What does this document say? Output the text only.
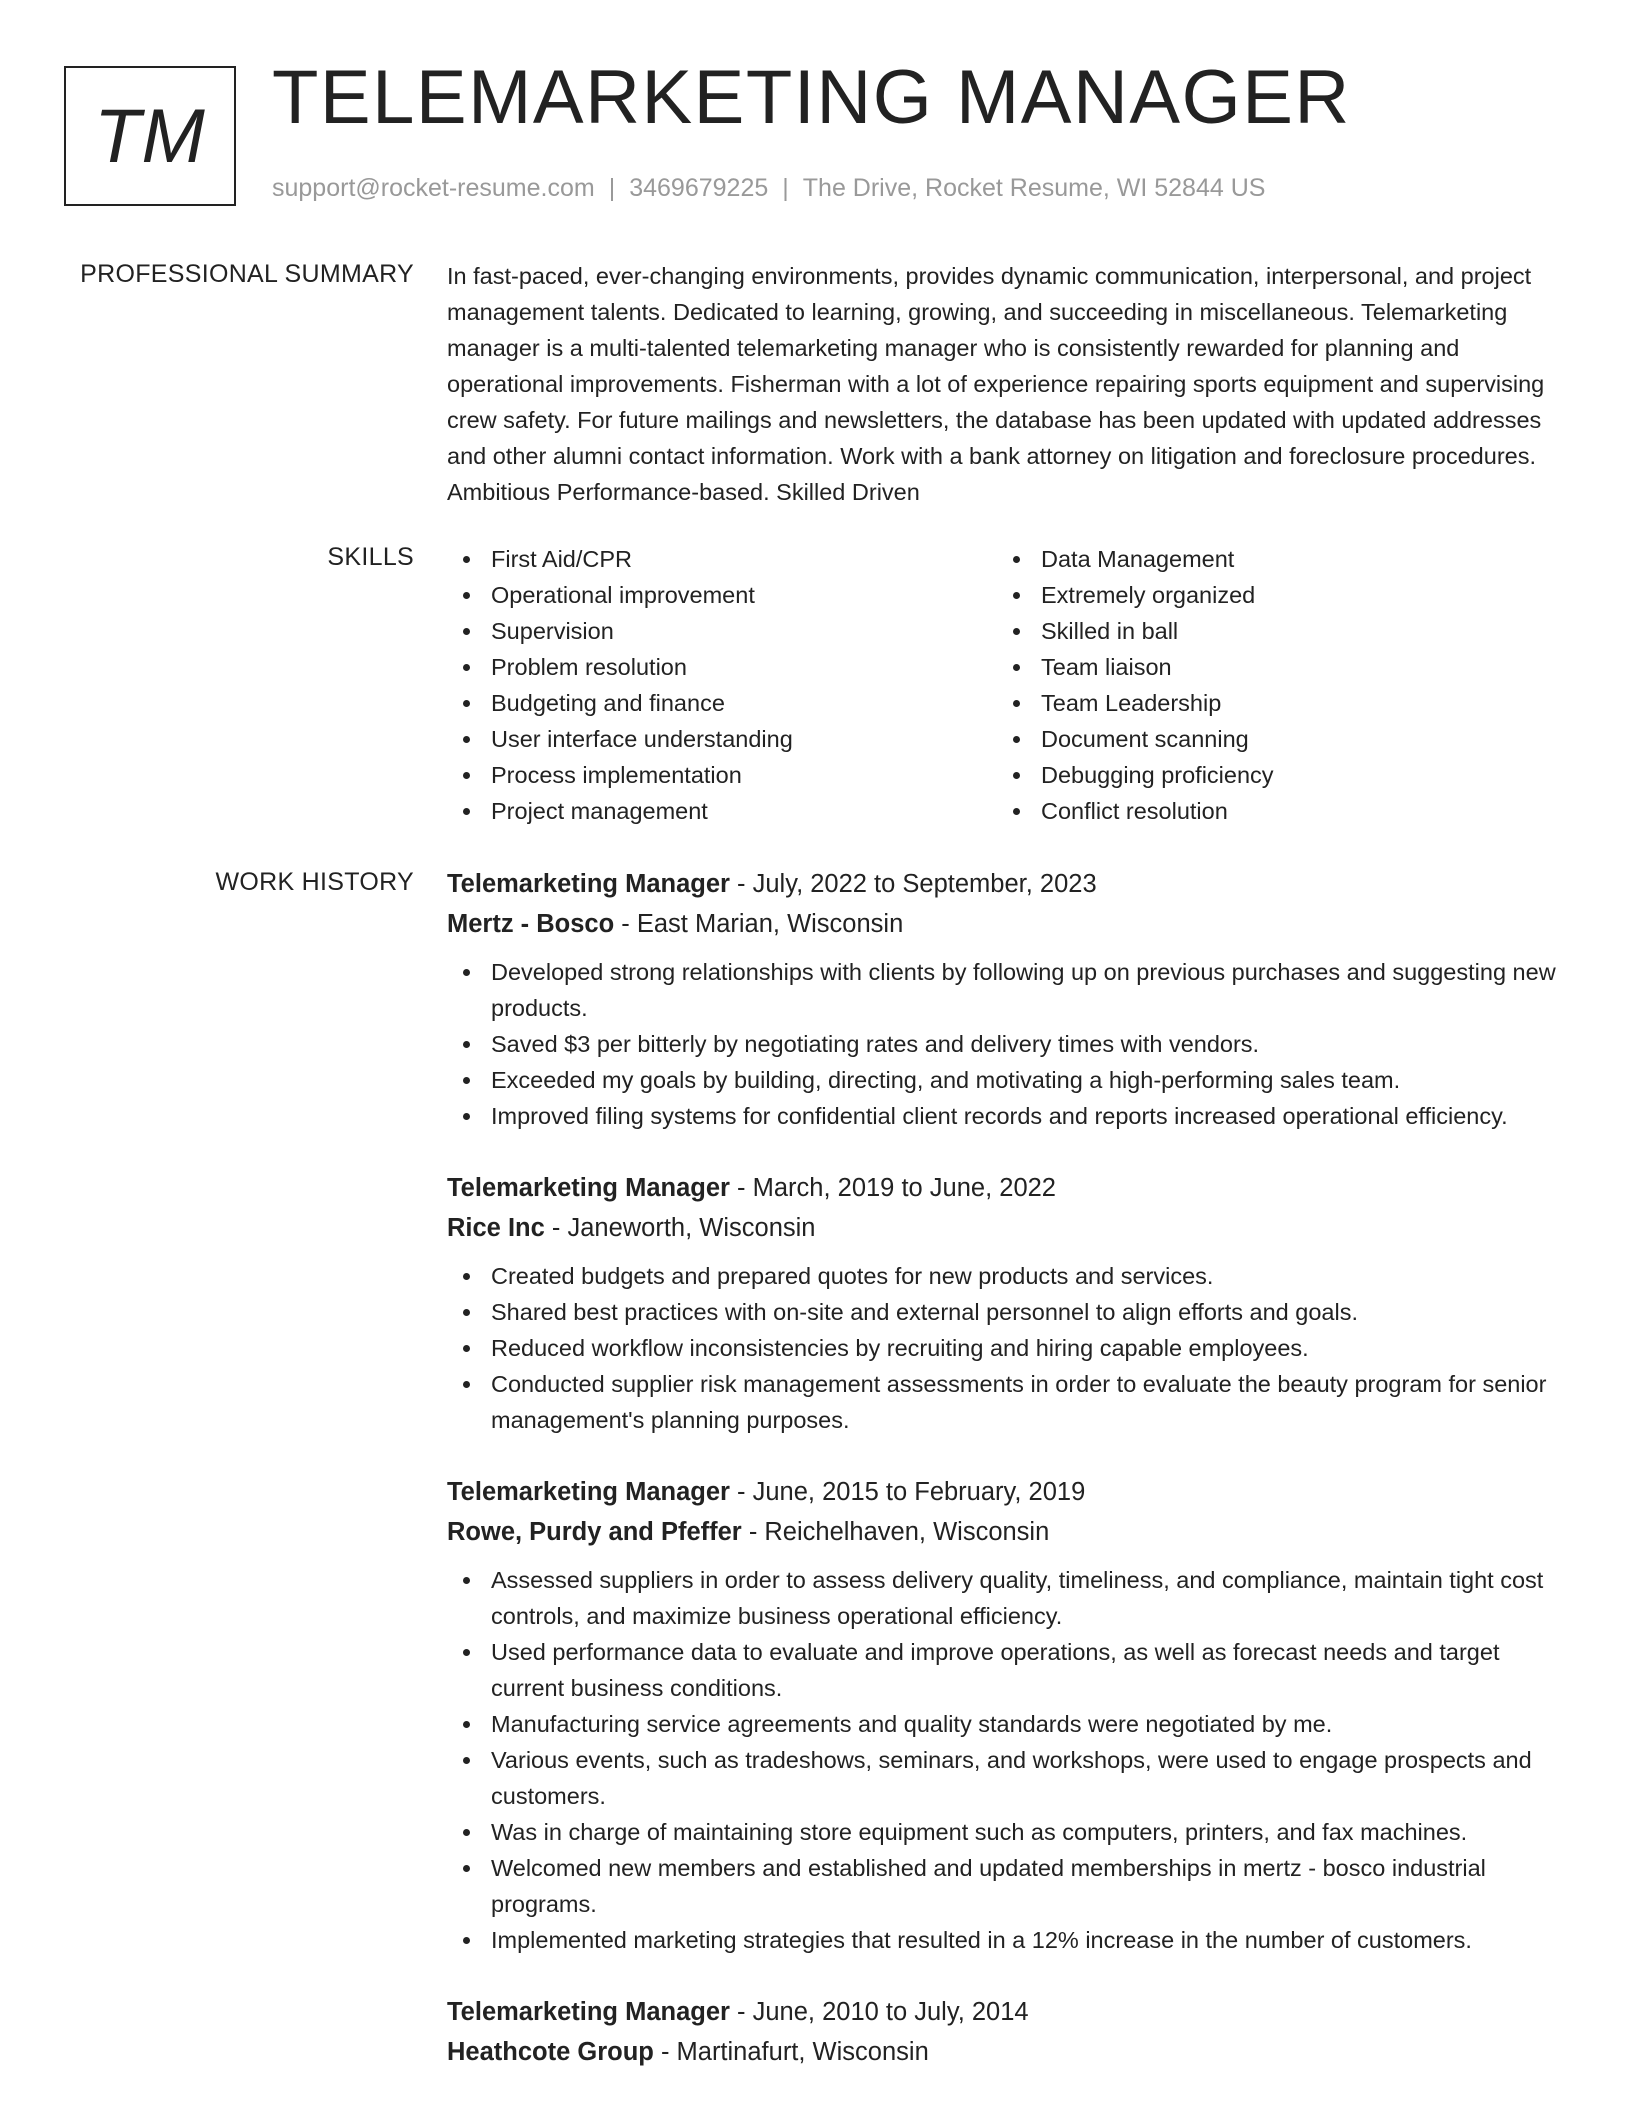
TM TELEMARKETING MANAGER
support@rocket-resume.com | 3469679225 | The Drive, Rocket Resume, WI 52844 US
PROFESSIONAL SUMMARY In fast-paced, ever-changing environments, provides dynamic communication, interpersonal, and project management talents. Dedicated to learning, growing, and succeeding in miscellaneous. Telemarketing manager is a multi-talented telemarketing manager who is consistently rewarded for planning and operational improvements. Fisherman with a lot of experience repairing sports equipment and supervising crew safety. For future mailings and newsletters, the database has been updated with updated addresses and other alumni contact information. Work with a bank attorney on litigation and foreclosure procedures. Ambitious Performance-based. Skilled Driven
SKILLS	First Aid/CPR
Operational improvement
Supervision
Problem resolution
Budgeting and finance
User interface understanding
Process implementation
Project management
Data Management
Extremely organized
Skilled in ball
Team liaison
Team Leadership
Document scanning
Debugging proficiency
Conflict resolution
WORK HISTORY Telemarketing Manager - July, 2022 to September, 2023
Mertz - Bosco - East Marian, Wisconsin
Developed strong relationships with clients by following up on previous purchases and suggesting new products.
Saved $3 per bitterly by negotiating rates and delivery times with vendors.
Exceeded my goals by building, directing, and motivating a high-performing sales team.
Improved filing systems for confidential client records and reports increased operational efficiency.
Telemarketing Manager - March, 2019 to June, 2022
Rice Inc - Janeworth, Wisconsin
Created budgets and prepared quotes for new products and services.
Shared best practices with on-site and external personnel to align efforts and goals.
Reduced workflow inconsistencies by recruiting and hiring capable employees.
Conducted supplier risk management assessments in order to evaluate the beauty program for senior management's planning purposes.
Telemarketing Manager - June, 2015 to February, 2019
Rowe, Purdy and Pfeffer - Reichelhaven, Wisconsin
Assessed suppliers in order to assess delivery quality, timeliness, and compliance, maintain tight cost controls, and maximize business operational efficiency.
Used performance data to evaluate and improve operations, as well as forecast needs and target current business conditions.
Manufacturing service agreements and quality standards were negotiated by me.
Various events, such as tradeshows, seminars, and workshops, were used to engage prospects and customers.
Was in charge of maintaining store equipment such as computers, printers, and fax machines.
Welcomed new members and established and updated memberships in mertz - bosco industrial programs.
Implemented marketing strategies that resulted in a 12% increase in the number of customers.
Telemarketing Manager - June, 2010 to July, 2014
Heathcote Group - Martinafurt, Wisconsin
